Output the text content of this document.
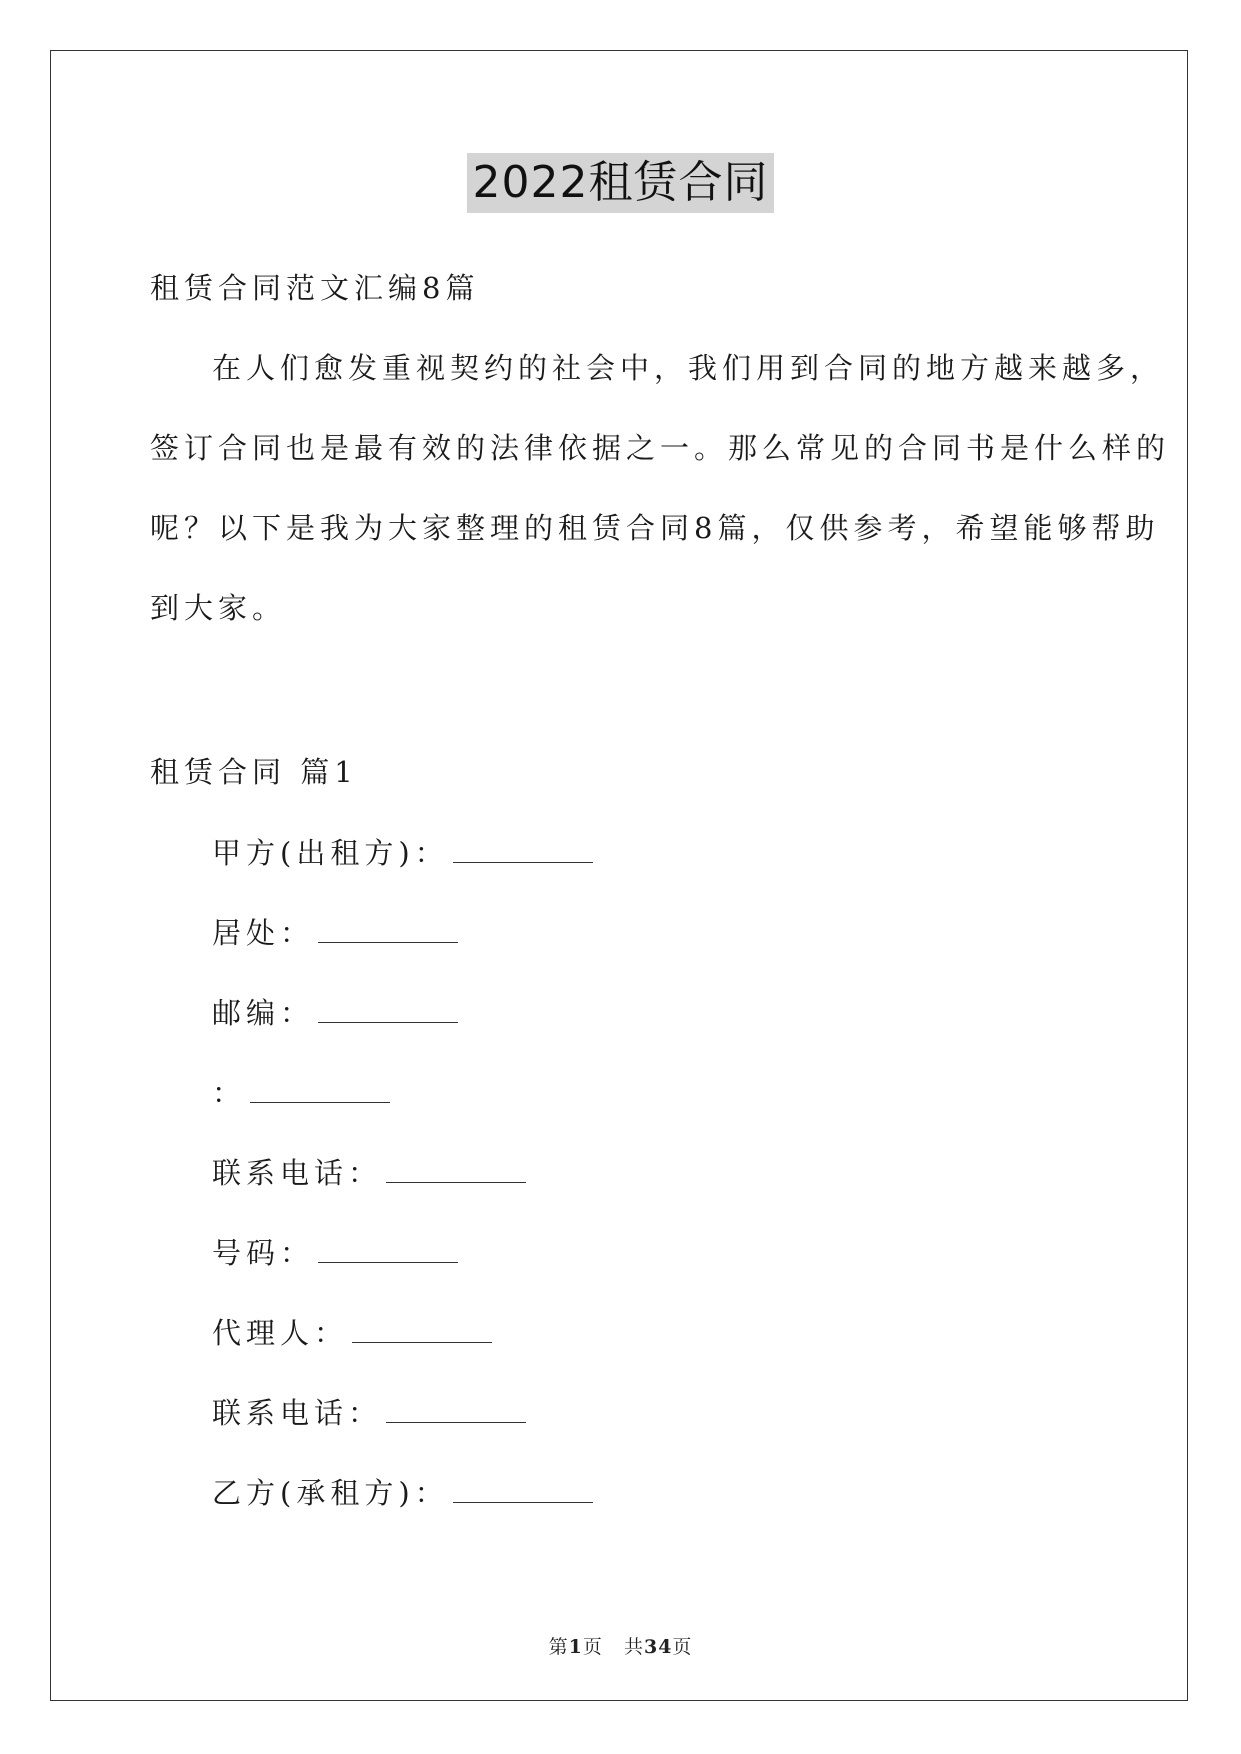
2022租赁合同
租赁合同范文汇编8篇
在人们愈发重视契约的社会中，我们用到合同的地方越来越多，
签订合同也是最有效的法律依据之一。那么常见的合同书是什么样的
呢？以下是我为大家整理的租赁合同8篇，仅供参考，希望能够帮助
到大家。
租赁合同 篇1
甲方(出租方)：
居处：
邮编：
：
联系电话：
号码：
代理人：
联系电话：
乙方(承租方)：
第1页 共34页
